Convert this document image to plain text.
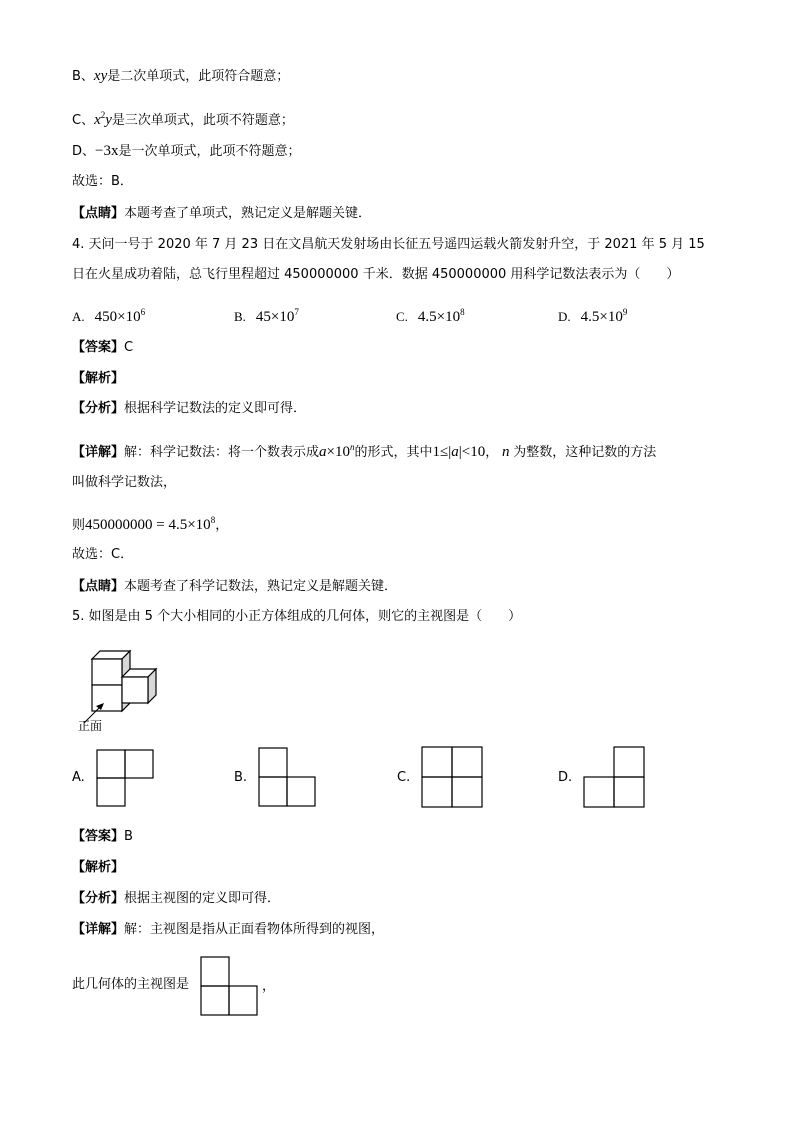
B、xy是二次单项式，此项符合题意；
C、$x^2y$是三次单项式，此项不符题意；
D、−3x是一次单项式，此项不符题意；
故选：B．
【点睛】本题考查了单项式，熟记定义是解题关键．
4. 天问一号于 2020 年 7 月 23 日在文昌航天发射场由长征五号遥四运载火箭发射升空，于 2021 年 5 月 15
日在火星成功着陆，总飞行里程超过 450000000 千米．数据 450000000 用科学记数法表示为（　　）
A. $450\times 10^6$	B. $45\times 10^7$	C. $4.5\times 10^8$	D. $4.5\times 10^9$
【答案】C
【解析】
【分析】根据科学记数法的定义即可得．
【详解】解：科学记数法：将一个数表示成$a\times 10^n$的形式，其中1≤|a|<10， n 为整数，这种记数的方法
叫做科学记数法，
则$450000000 = 4.5\times 10^8$，
故选：C．
【点睛】本题考查了科学记数法，熟记定义是解题关键．
5. 如图是由 5 个大小相同的小正方体组成的几何体，则它的主视图是（　　）
正面
A.	B.	C.	D.
【答案】B
【解析】
【分析】根据主视图的定义即可得．
【详解】解：主视图是指从正面看物体所得到的视图，
此几何体的主视图是	，
